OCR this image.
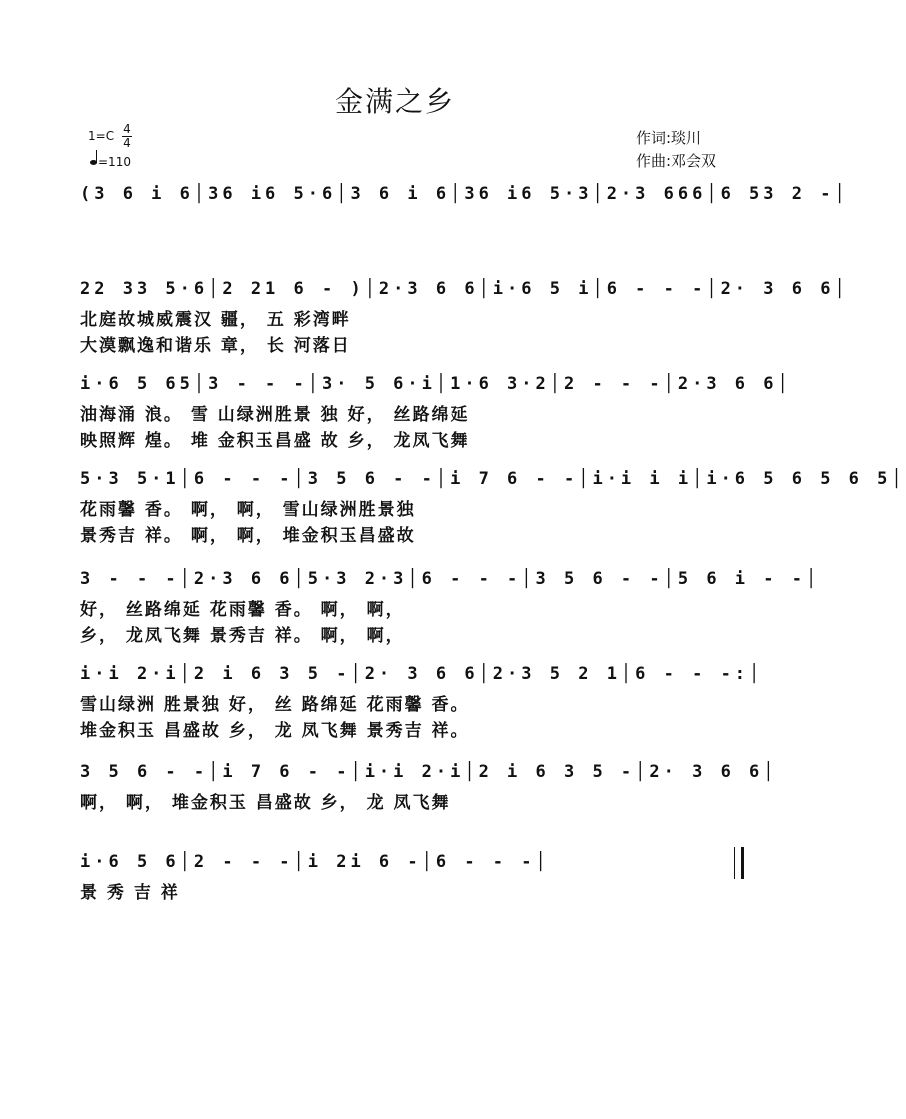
金满之乡
1=C 4
4
=110
作词:琰川
作曲:邓会双
(3 6 i 6│36 i6 5·6│3 6 i 6│36 i6 5·3│2·3 666│6 53 2 -│
22 33 5·6│2 21 6 - )│2·3 6 6│i·6 5 i│6 - - -│2· 3 6 6│
北庭故城威震汉 疆， 五 彩湾畔
大漠飘逸和谐乐 章， 长 河落日
i·6 5 65│3 - - -│3· 5 6·i│1·6 3·2│2 - - -│2·3 6 6│
油海涌 浪。 雪 山绿洲胜景 独 好， 丝路绵延
映照辉 煌。 堆 金积玉昌盛 故 乡， 龙凤飞舞
5·3 5·1│6 - - -│3 5 6 - -│i 7 6 - -│i·i i i│i·6 5 6 5 6 5│
花雨馨 香。 啊， 啊， 雪山绿洲胜景独
景秀吉 祥。 啊， 啊， 堆金积玉昌盛故
3 - - -│2·3 6 6│5·3 2·3│6 - - -│3 5 6 - -│5 6 i - -│
好， 丝路绵延 花雨馨 香。 啊， 啊，
乡， 龙凤飞舞 景秀吉 祥。 啊， 啊，
i·i 2·i│2 i 6 3 5 -│2· 3 6 6│2·3 5 2 1│6 - - -:│
雪山绿洲 胜景独 好， 丝 路绵延 花雨馨 香。
堆金积玉 昌盛故 乡， 龙 凤飞舞 景秀吉 祥。
3 5 6 - -│i 7 6 - -│i·i 2·i│2 i 6 3 5 -│2· 3 6 6│
啊， 啊， 堆金积玉 昌盛故 乡， 龙 凤飞舞
i·6 5 6│2 - - -│i 2i 6 -│6 - - -│
景 秀 吉 祥
